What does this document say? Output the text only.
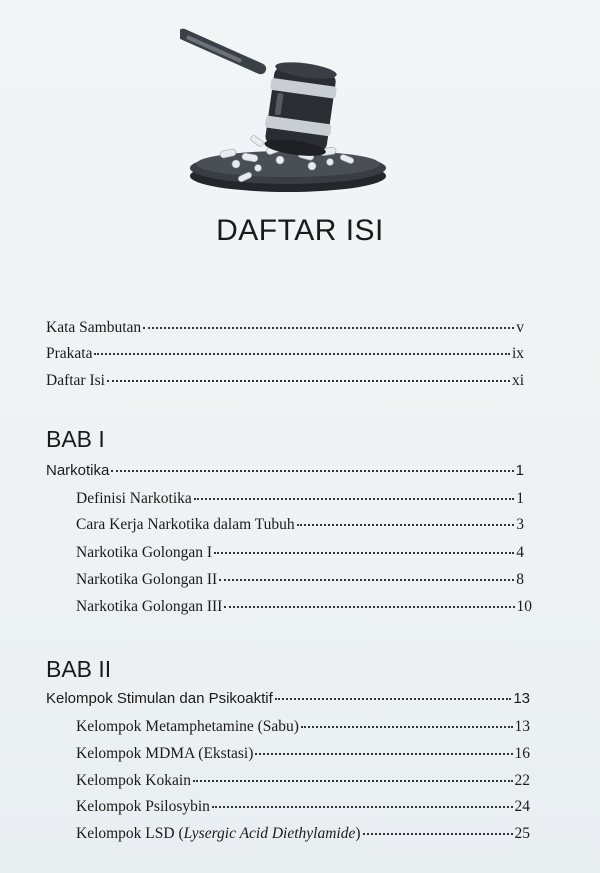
DAFTAR ISI
Kata Sambutan	v
Prakata	ix
Daftar Isi	xi
BAB I
Narkotika	1
Definisi Narkotika	1
Cara Kerja Narkotika dalam Tubuh	3
Narkotika Golongan I	4
Narkotika Golongan II	8
Narkotika Golongan III	10
BAB II
Kelompok Stimulan dan Psikoaktif	13
Kelompok Metamphetamine (Sabu)	13
Kelompok MDMA (Ekstasi)	16
Kelompok Kokain	22
Kelompok Psilosybin	24
Kelompok LSD (Lysergic Acid Diethylamide)	25
